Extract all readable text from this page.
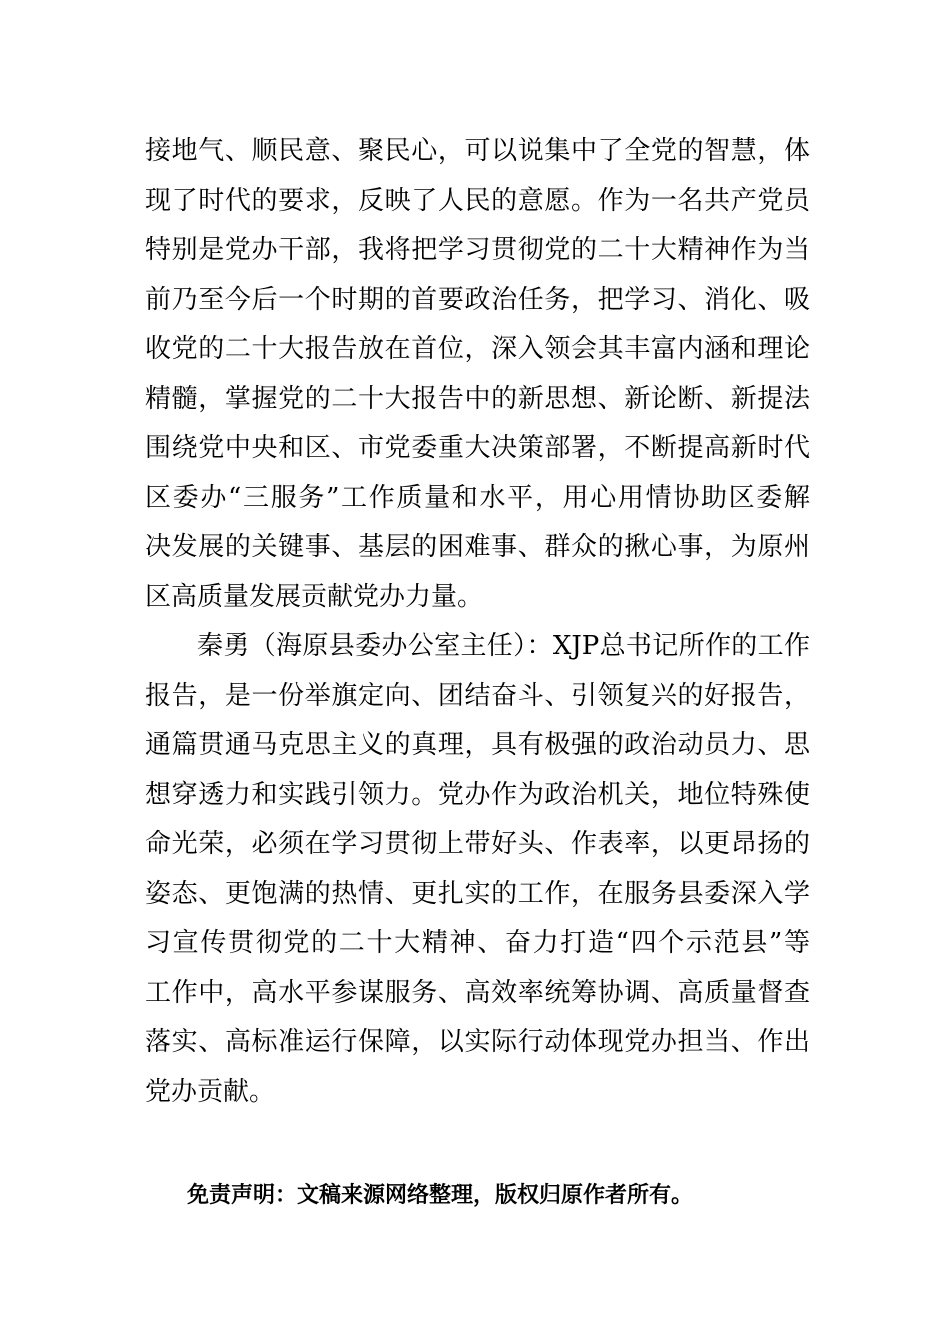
接地气、顺民意、聚民心，可以说集中了全党的智慧，体
现了时代的要求，反映了人民的意愿。作为一名共产党员
特别是党办干部，我将把学习贯彻党的二十大精神作为当
前乃至今后一个时期的首要政治任务，把学习、消化、吸
收党的二十大报告放在首位，深入领会其丰富内涵和理论
精髓，掌握党的二十大报告中的新思想、新论断、新提法
围绕党中央和区、市党委重大决策部署，不断提高新时代
区委办“三服务”工作质量和水平，用心用情协助区委解
决发展的关键事、基层的困难事、群众的揪心事，为原州
区高质量发展贡献党办力量。
秦勇（海原县委办公室主任）：XJP总书记所作的工作
报告，是一份举旗定向、团结奋斗、引领复兴的好报告，
通篇贯通马克思主义的真理，具有极强的政治动员力、思
想穿透力和实践引领力。党办作为政治机关，地位特殊使
命光荣，必须在学习贯彻上带好头、作表率，以更昂扬的
姿态、更饱满的热情、更扎实的工作，在服务县委深入学
习宣传贯彻党的二十大精神、奋力打造“四个示范县”等
工作中，高水平参谋服务、高效率统筹协调、高质量督查
落实、高标准运行保障，以实际行动体现党办担当、作出
党办贡献。
免责声明：文稿来源网络整理，版权归原作者所有。
